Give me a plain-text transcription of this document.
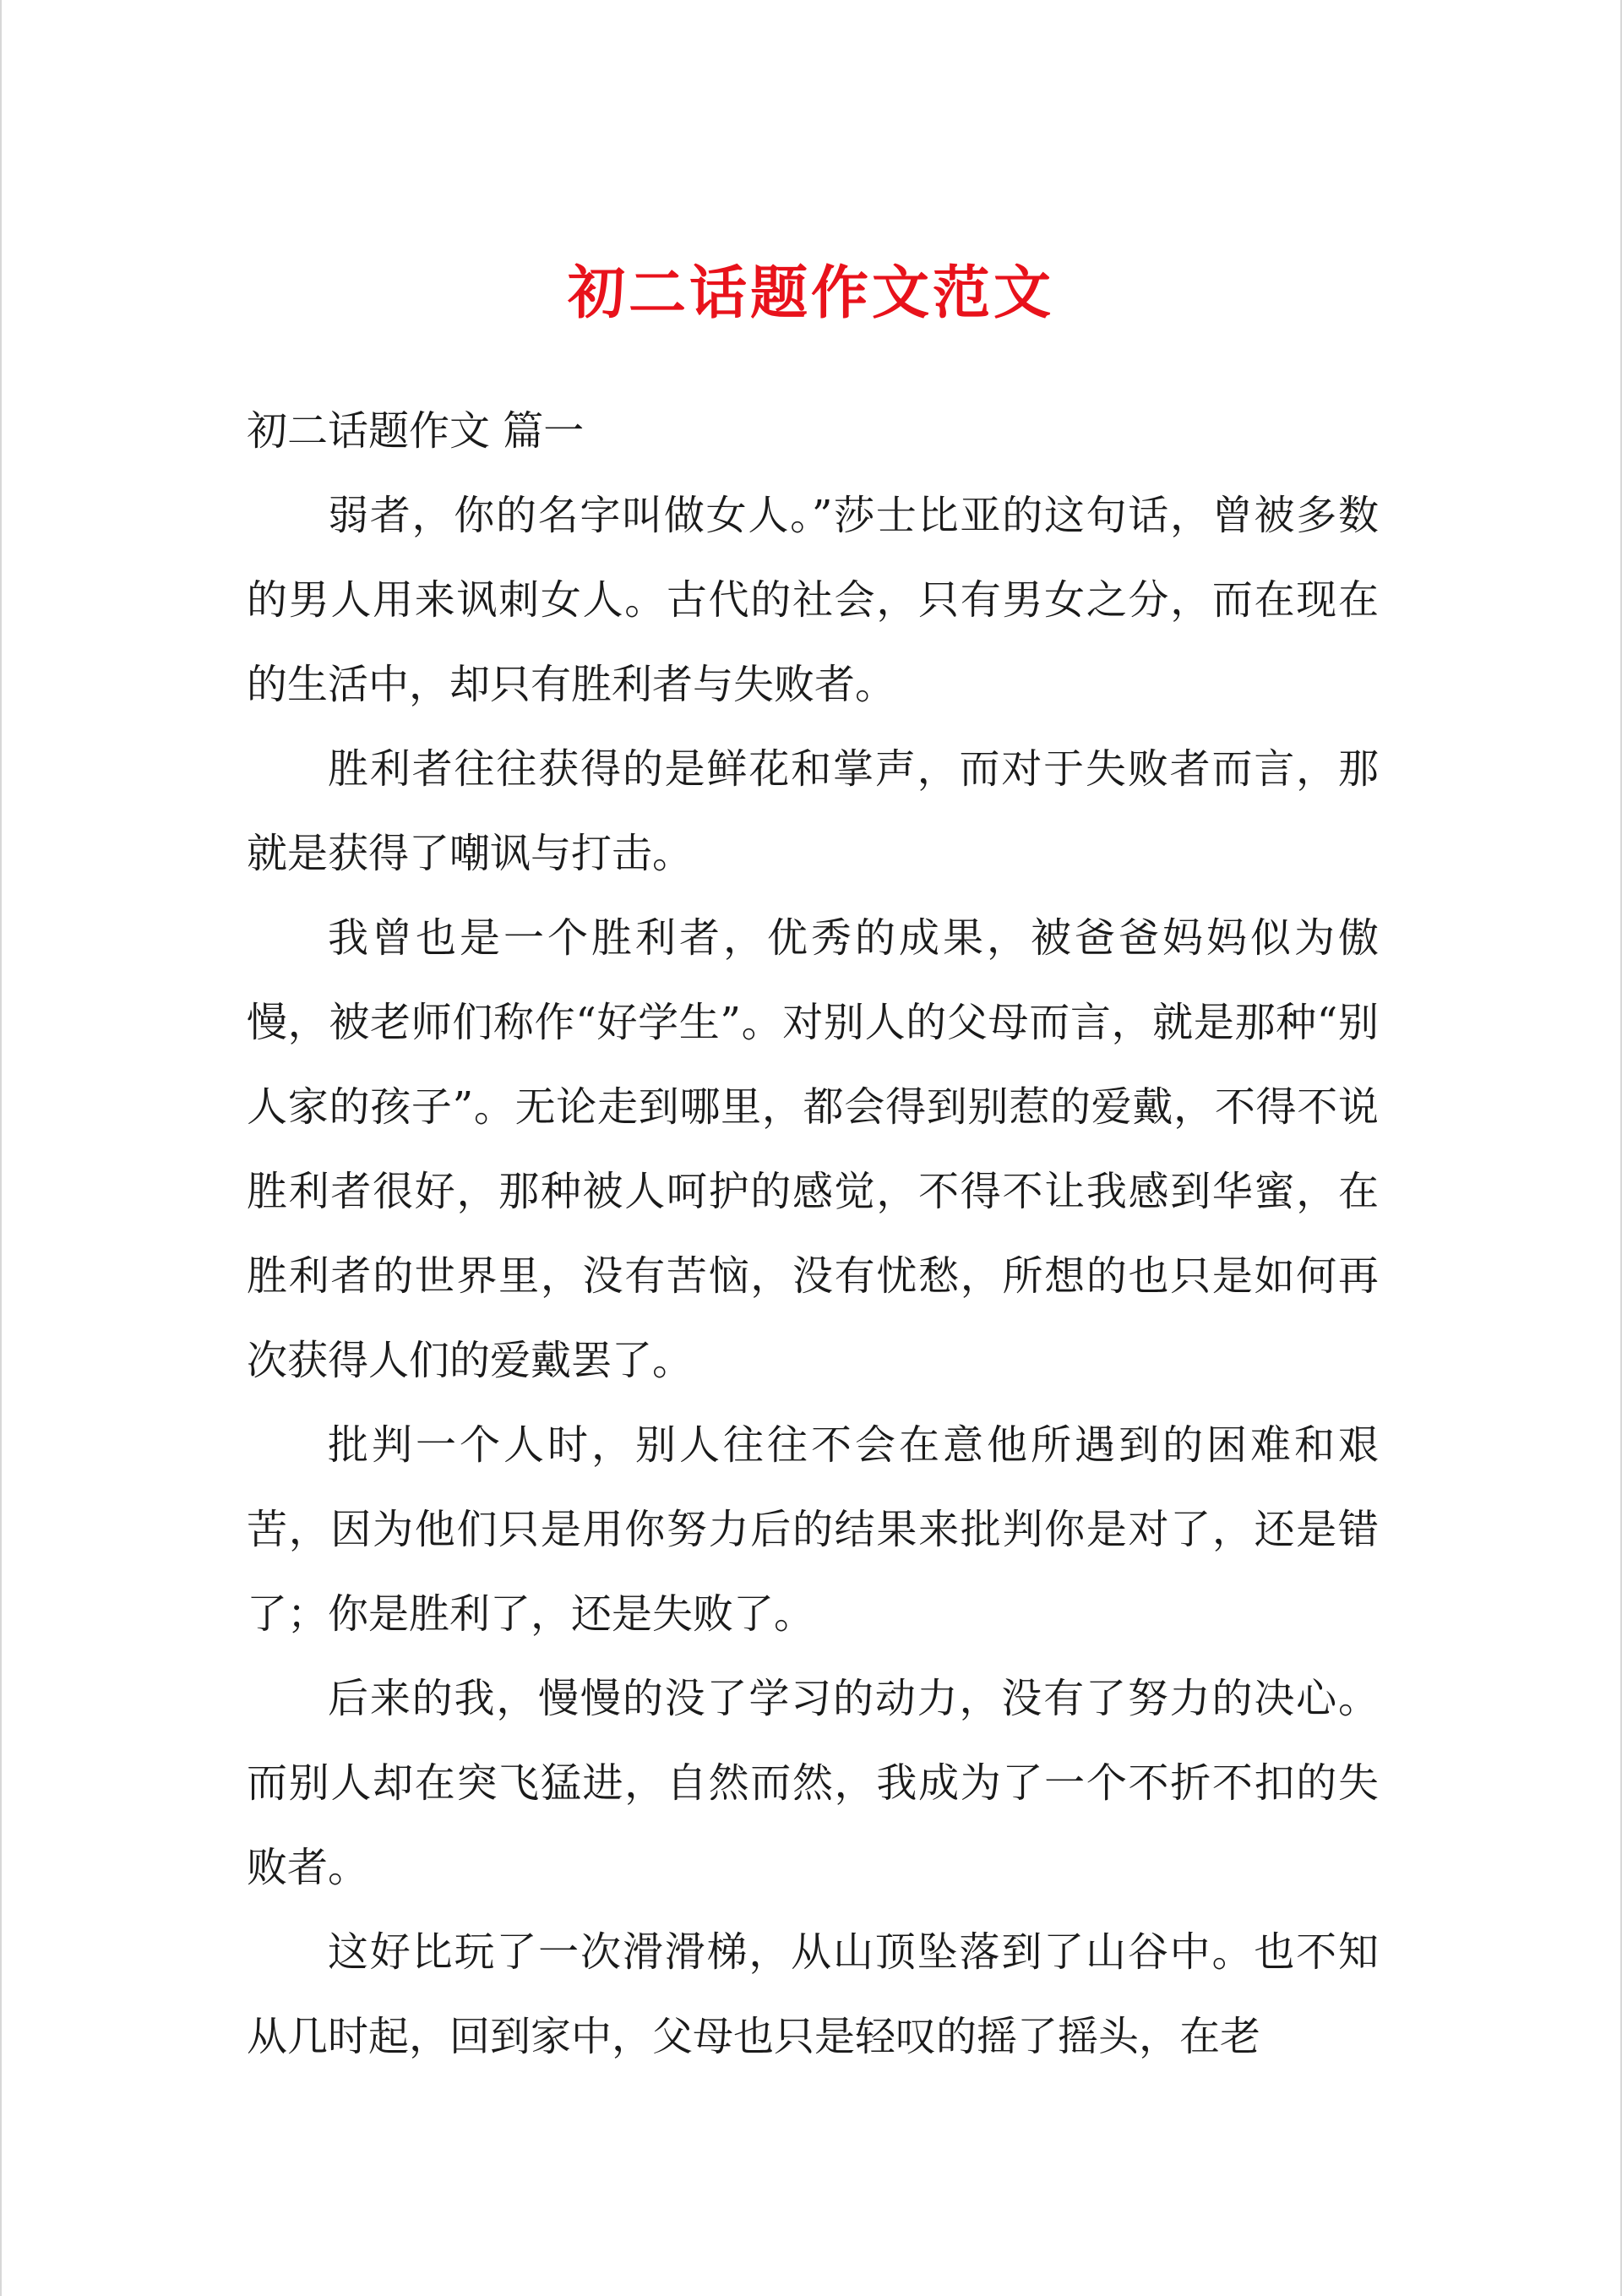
初二话题作文范文

初二话题作文 篇一

弱者，你的名字叫做女人。”莎士比亚的这句话，曾被多数的男人用来讽刺女人。古代的社会，只有男女之分，而在现在的生活中，却只有胜利者与失败者。

胜利者往往获得的是鲜花和掌声，而对于失败者而言，那就是获得了嘲讽与打击。

我曾也是一个胜利者，优秀的成果，被爸爸妈妈似为傲慢，被老师们称作“好学生”。对别人的父母而言，就是那种“别人家的孩子”。无论走到哪里，都会得到别惹的爱戴，不得不说胜利者很好，那种被人呵护的感觉，不得不让我感到华蜜，在胜利者的世界里，没有苦恼，没有忧愁，所想的也只是如何再次获得人们的爱戴罢了。

批判一个人时，别人往往不会在意他所遇到的困难和艰苦，因为他们只是用你努力后的结果来批判你是对了，还是错了；你是胜利了，还是失败了。

后来的我，慢慢的没了学习的动力，没有了努力的决心。而别人却在突飞猛进，自然而然，我成为了一个不折不扣的失败者。

这好比玩了一次滑滑梯，从山顶坠落到了山谷中。也不知从几时起，回到家中，父母也只是轻叹的摇了摇头，在老
